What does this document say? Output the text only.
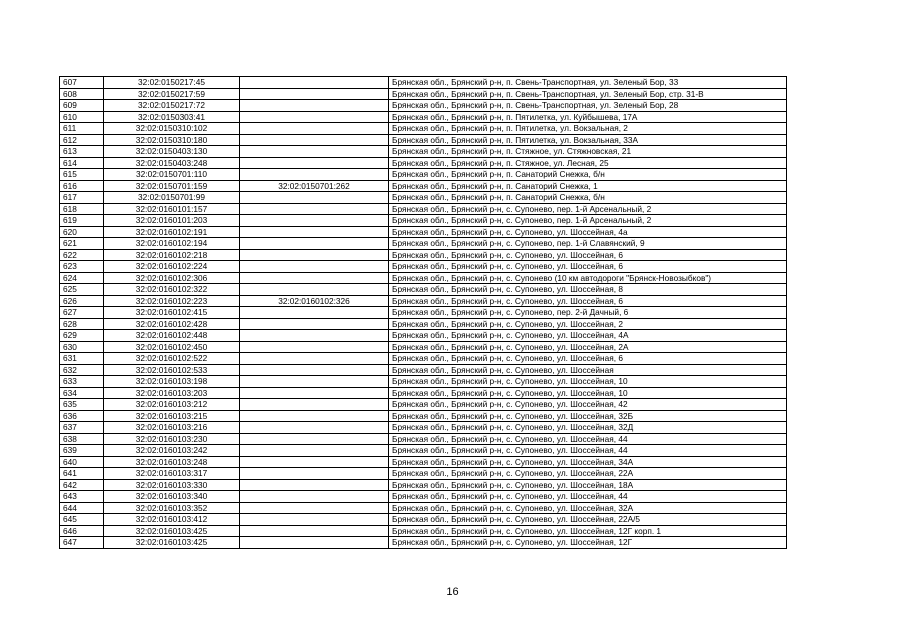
607	32:02:0150217:45		Брянская обл., Брянский р-н, п. Свень-Транспортная, ул. Зеленый Бор, 33
608	32:02:0150217:59		Брянская обл., Брянский р-н, п. Свень-Транспортная, ул. Зеленый Бор, стр. 31-В
609	32:02:0150217:72		Брянская обл., Брянский р-н, п. Свень-Транспортная, ул. Зеленый Бор, 28
610	32:02:0150303:41		Брянская обл., Брянский р-н, п. Пятилетка, ул. Куйбышева, 17А
611	32:02:0150310:102		Брянская обл., Брянский р-н, п. Пятилетка, ул. Вокзальная, 2
612	32:02:0150310:180		Брянская обл., Брянский р-н, п. Пятилетка, ул. Вокзальная, 33А
613	32:02:0150403:130		Брянская обл., Брянский р-н, п. Стяжное, ул. Стяжновская, 21
614	32:02:0150403:248		Брянская обл., Брянский р-н, п. Стяжное, ул. Лесная, 25
615	32:02:0150701:110		Брянская обл., Брянский р-н, п. Санаторий Снежка, б/н
616	32:02:0150701:159	32:02:0150701:262	Брянская обл., Брянский р-н, п. Санаторий Снежка, 1
617	32:02:0150701:99		Брянская обл., Брянский р-н, п. Санаторий Снежка, б/н
618	32:02:0160101:157		Брянская обл., Брянский р-н, с. Супонево, пер. 1-й Арсенальный, 2
619	32:02:0160101:203		Брянская обл., Брянский р-н, с. Супонево, пер. 1-й Арсенальный, 2
620	32:02:0160102:191		Брянская обл., Брянский р-н, с. Супонево, ул. Шоссейная, 4а
621	32:02:0160102:194		Брянская обл., Брянский р-н, с. Супонево, пер. 1-й Славянский, 9
622	32:02:0160102:218		Брянская обл., Брянский р-н, с. Супонево, ул. Шоссейная, 6
623	32:02:0160102:224		Брянская обл., Брянский р-н, с. Супонево, ул. Шоссейная, 6
624	32:02:0160102:306		Брянская обл., Брянский р-н, с. Супонево (10 км автодороги "Брянск-Новозыбков")
625	32:02:0160102:322		Брянская обл., Брянский р-н, с. Супонево, ул. Шоссейная, 8
626	32:02:0160102:223	32:02:0160102:326	Брянская обл., Брянский р-н, с. Супонево, ул. Шоссейная, 6
627	32:02:0160102:415		Брянская обл., Брянский р-н, с. Супонево, пер. 2-й Дачный, 6
628	32:02:0160102:428		Брянская обл., Брянский р-н, с. Супонево, ул. Шоссейная, 2
629	32:02:0160102:448		Брянская обл., Брянский р-н, с. Супонево, ул. Шоссейная, 4А
630	32:02:0160102:450		Брянская обл., Брянский р-н, с. Супонево, ул. Шоссейная, 2А
631	32:02:0160102:522		Брянская обл., Брянский р-н, с. Супонево, ул. Шоссейная, 6
632	32:02:0160102:533		Брянская обл., Брянский р-н, с. Супонево, ул. Шоссейная
633	32:02:0160103:198		Брянская обл., Брянский р-н, с. Супонево, ул. Шоссейная, 10
634	32:02:0160103:203		Брянская обл., Брянский р-н, с. Супонево, ул. Шоссейная, 10
635	32:02:0160103:212		Брянская обл., Брянский р-н, с. Супонево, ул. Шоссейная, 42
636	32:02:0160103:215		Брянская обл., Брянский р-н, с. Супонево, ул. Шоссейная, 32Б
637	32:02:0160103:216		Брянская обл., Брянский р-н, с. Супонево, ул. Шоссейная, 32Д
638	32:02:0160103:230		Брянская обл., Брянский р-н, с. Супонево, ул. Шоссейная, 44
639	32:02:0160103:242		Брянская обл., Брянский р-н, с. Супонево, ул. Шоссейная, 44
640	32:02:0160103:248		Брянская обл., Брянский р-н, с. Супонево, ул. Шоссейная, 34А
641	32:02:0160103:317		Брянская обл., Брянский р-н, с. Супонево, ул. Шоссейная, 22А
642	32:02:0160103:330		Брянская обл., Брянский р-н, с. Супонево, ул. Шоссейная, 18А
643	32:02:0160103:340		Брянская обл., Брянский р-н, с. Супонево, ул. Шоссейная, 44
644	32:02:0160103:352		Брянская обл., Брянский р-н, с. Супонево, ул. Шоссейная, 32А
645	32:02:0160103:412		Брянская обл., Брянский р-н, с. Супонево, ул. Шоссейная, 22А/5
646	32:02:0160103:425		Брянская обл., Брянский р-н, с. Супонево, ул. Шоссейная, 12Г корп. 1
647	32:02:0160103:425		Брянская обл., Брянский р-н, с. Супонево, ул. Шоссейная, 12Г
16
